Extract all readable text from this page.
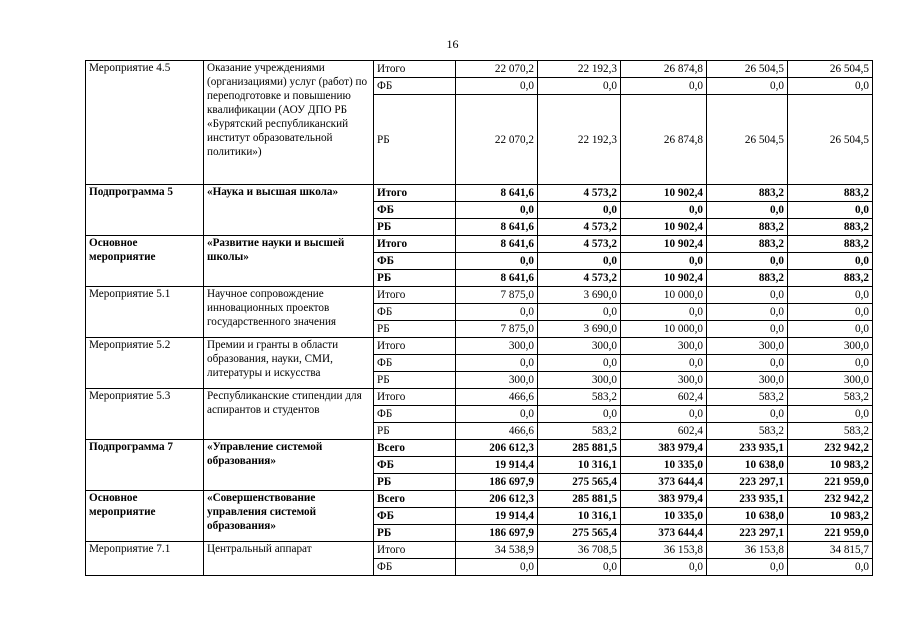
16
Мероприятие 4.5	Оказание учреждениями (организациями) услуг (работ) по переподготовке и повышению квалификации (АОУ ДПО РБ «Бурятский республиканский институт образовательной политики»)	Итого	22 070,2	22 192,3	26 874,8	26 504,5	26 504,5
		ФБ	0,0	0,0	0,0	0,0	0,0
		РБ	22 070,2	22 192,3	26 874,8	26 504,5	26 504,5
Подпрограмма 5	«Наука и высшая школа»	Итого	8 641,6	4 573,2	10 902,4	883,2	883,2
		ФБ	0,0	0,0	0,0	0,0	0,0
		РБ	8 641,6	4 573,2	10 902,4	883,2	883,2
Основное мероприятие	«Развитие науки и высшей школы»	Итого	8 641,6	4 573,2	10 902,4	883,2	883,2
		ФБ	0,0	0,0	0,0	0,0	0,0
		РБ	8 641,6	4 573,2	10 902,4	883,2	883,2
Мероприятие 5.1	Научное сопровождение инновационных проектов государственного значения	Итого	7 875,0	3 690,0	10 000,0	0,0	0,0
		ФБ	0,0	0,0	0,0	0,0	0,0
		РБ	7 875,0	3 690,0	10 000,0	0,0	0,0
Мероприятие 5.2	Премии и гранты в области образования, науки, СМИ, литературы и искусства	Итого	300,0	300,0	300,0	300,0	300,0
		ФБ	0,0	0,0	0,0	0,0	0,0
		РБ	300,0	300,0	300,0	300,0	300,0
Мероприятие 5.3	Республиканские стипендии для аспирантов и студентов	Итого	466,6	583,2	602,4	583,2	583,2
		ФБ	0,0	0,0	0,0	0,0	0,0
		РБ	466,6	583,2	602,4	583,2	583,2
Подпрограмма 7	«Управление системой образования»	Всего	206 612,3	285 881,5	383 979,4	233 935,1	232 942,2
		ФБ	19 914,4	10 316,1	10 335,0	10 638,0	10 983,2
		РБ	186 697,9	275 565,4	373 644,4	223 297,1	221 959,0
Основное мероприятие	«Совершенствование управления системой образования»	Всего	206 612,3	285 881,5	383 979,4	233 935,1	232 942,2
		ФБ	19 914,4	10 316,1	10 335,0	10 638,0	10 983,2
		РБ	186 697,9	275 565,4	373 644,4	223 297,1	221 959,0
Мероприятие 7.1	Центральный аппарат	Итого	34 538,9	36 708,5	36 153,8	36 153,8	34 815,7
		ФБ	0,0	0,0	0,0	0,0	0,0
